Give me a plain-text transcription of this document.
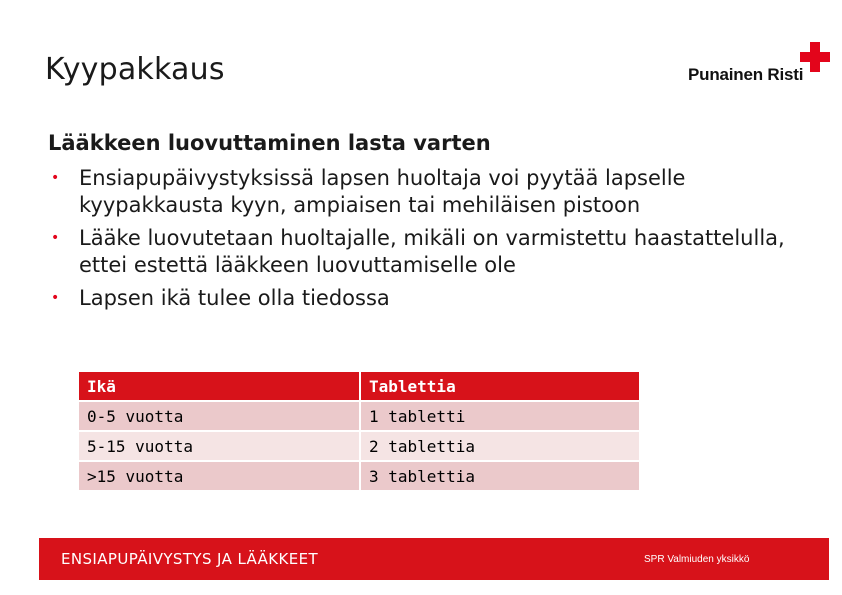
Kyypakkaus	Punainen Risti
Lääkkeen luovuttaminen lasta varten
• Ensiapupäivystyksissä lapsen huoltaja voi pyytää lapselle kyypakkausta kyyn, ampiaisen tai mehiläisen pistoon
• Lääke luovutetaan huoltajalle, mikäli on varmistettu haastattelulla, ettei estettä lääkkeen luovuttamiselle ole
• Lapsen ikä tulee olla tiedossa
Ikä	Tablettia
0-5 vuotta	1 tabletti
5-15 vuotta	2 tablettia
>15 vuotta	3 tablettia
ENSIAPUPÄIVYSTYS JA LÄÄKKEET	SPR Valmiuden yksikkö
